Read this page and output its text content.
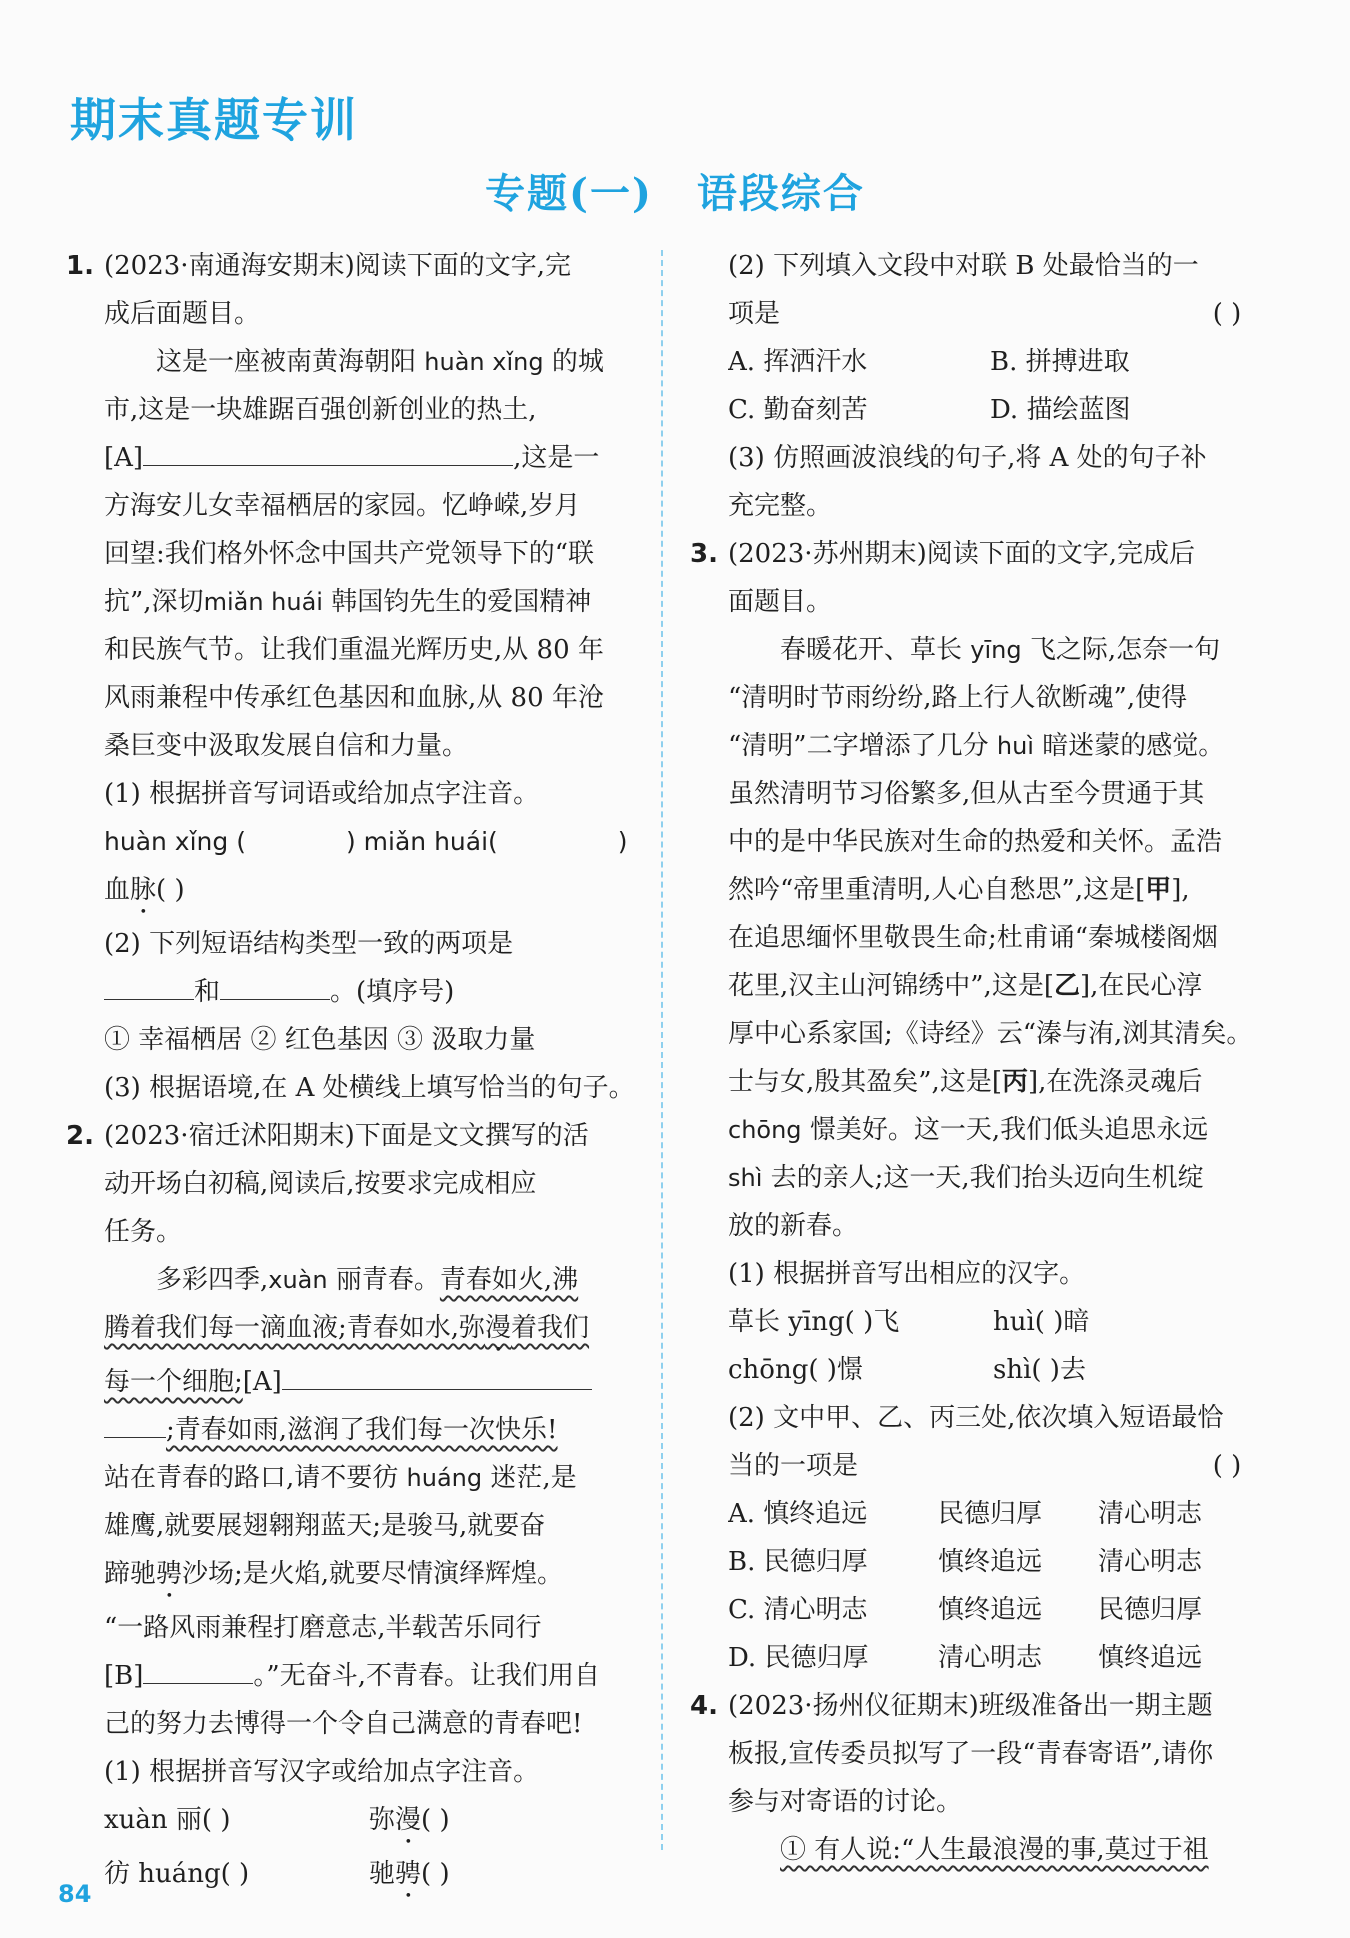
期末真题专训
专题(一) 语段综合
1. (2023·南通海安期末)阅读下面的文字,完
成后面题目。
这是一座被南黄海朝阳 huàn xǐng 的城
市,这是一块雄踞百强创新创业的热土,
[A]	,这是一
方海安儿女幸福栖居的家园。忆峥嵘,岁月
回望:我们格外怀念中国共产党领导下的“联
抗”,深切miǎn huái 韩国钧先生的爱国精神
和民族气节。让我们重温光辉历史,从 80 年
风雨兼程中传承红色基因和血脉,从 80 年沧
桑巨变中汲取发展自信和力量。
(1) 根据拼音写词语或给加点字注音。
huàn xǐng (	) miǎn huái(	)
血脉( )
(2) 下列短语结构类型一致的两项是
和	。(填序号)
① 幸福栖居 ② 红色基因 ③ 汲取力量
(3) 根据语境,在 A 处横线上填写恰当的句子。
2. (2023·宿迁沭阳期末)下面是文文撰写的活
动开场白初稿,阅读后,按要求完成相应
任务。
多彩四季,xuàn 丽青春。青春如火,沸
腾着我们每一滴血液;青春如水,弥漫着我们
每一个细胞;[A]
;青春如雨,滋润了我们每一次快乐!
站在青春的路口,请不要彷 huáng 迷茫,是
雄鹰,就要展翅翱翔蓝天;是骏马,就要奋
蹄驰骋沙场;是火焰,就要尽情演绎辉煌。
“一路风雨兼程打磨意志,半载苦乐同行
[B]	。”无奋斗,不青春。让我们用自
己的努力去博得一个令自己满意的青春吧!
(1) 根据拼音写汉字或给加点字注音。
xuàn 丽( )	弥漫( )
彷 huáng( )	驰骋( )
(2) 下列填入文段中对联 B 处最恰当的一
项是	( )
A. 挥洒汗水	B. 拼搏进取
C. 勤奋刻苦	D. 描绘蓝图
(3) 仿照画波浪线的句子,将 A 处的句子补
充完整。
3. (2023·苏州期末)阅读下面的文字,完成后
面题目。
春暖花开、草长 yīng 飞之际,怎奈一句
“清明时节雨纷纷,路上行人欲断魂”,使得
“清明”二字增添了几分 huì 暗迷蒙的感觉。
虽然清明节习俗繁多,但从古至今贯通于其
中的是中华民族对生命的热爱和关怀。孟浩
然吟“帝里重清明,人心自愁思”,这是[甲],
在追思缅怀里敬畏生命;杜甫诵“秦城楼阁烟
花里,汉主山河锦绣中”,这是[乙],在民心淳
厚中心系家国;《诗经》云“溱与洧,浏其清矣。
士与女,殷其盈矣”,这是[丙],在洗涤灵魂后
chōng 憬美好。这一天,我们低头追思永远
shì 去的亲人;这一天,我们抬头迈向生机绽
放的新春。
(1) 根据拼音写出相应的汉字。
草长 yīng( )飞	huì( )暗
chōng( )憬	shì( )去
(2) 文中甲、乙、丙三处,依次填入短语最恰
当的一项是	( )
A. 慎终追远	民德归厚	清心明志
B. 民德归厚	慎终追远	清心明志
C. 清心明志	慎终追远	民德归厚
D. 民德归厚	清心明志	慎终追远
4. (2023·扬州仪征期末)班级准备出一期主题
板报,宣传委员拟写了一段“青春寄语”,请你
参与对寄语的讨论。
① 有人说:“人生最浪漫的事,莫过于祖
84
